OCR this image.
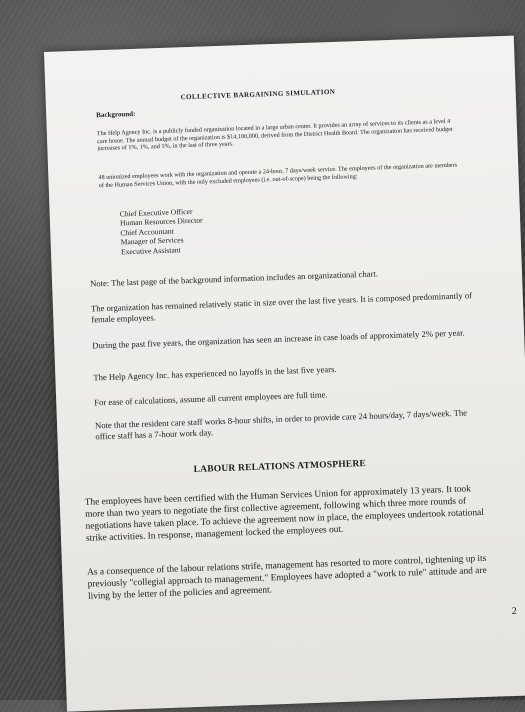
COLLECTIVE BARGAINING SIMULATION
Background:
The Help Agency Inc. is a publicly funded organization located in a large urban center. It provides an array of services to its clients as a level 4 care home. The annual budget of the organization is $14,100,000, derived from the District Health Board. The organization has received budget increases of 1%, 1%, and 1%, in the last of three years.
48 unionized employees work with the organization and operate a 24-hour, 7 days/week service. The employees of the organization are members of the Human Services Union, with the only excluded employees (i.e. out-of-scope) being the following:
Chief Executive Officer
Human Resources Director
Chief Accountant
Manager of Services
Executive Assistant
Note: The last page of the background information includes an organizational chart.
The organization has remained relatively static in size over the last five years. It is composed predominantly of female employees.
During the past five years, the organization has seen an increase in case loads of approximately 2% per year.
The Help Agency Inc. has experienced no layoffs in the last five years.
For ease of calculations, assume all current employees are full time.
Note that the resident care staff works 8-hour shifts, in order to provide care 24 hours/day, 7 days/week. The office staff has a 7-hour work day.
LABOUR RELATIONS ATMOSPHERE
The employees have been certified with the Human Services Union for approximately 13 years. It took more than two years to negotiate the first collective agreement, following which three more rounds of negotiations have taken place. To achieve the agreement now in place, the employees undertook rotational strike activities. In response, management locked the employees out.
As a consequence of the labour relations strife, management has resorted to more control, tightening up its previously "collegial approach to management." Employees have adopted a "work to rule" attitude and are living by the letter of the policies and agreement.
2
